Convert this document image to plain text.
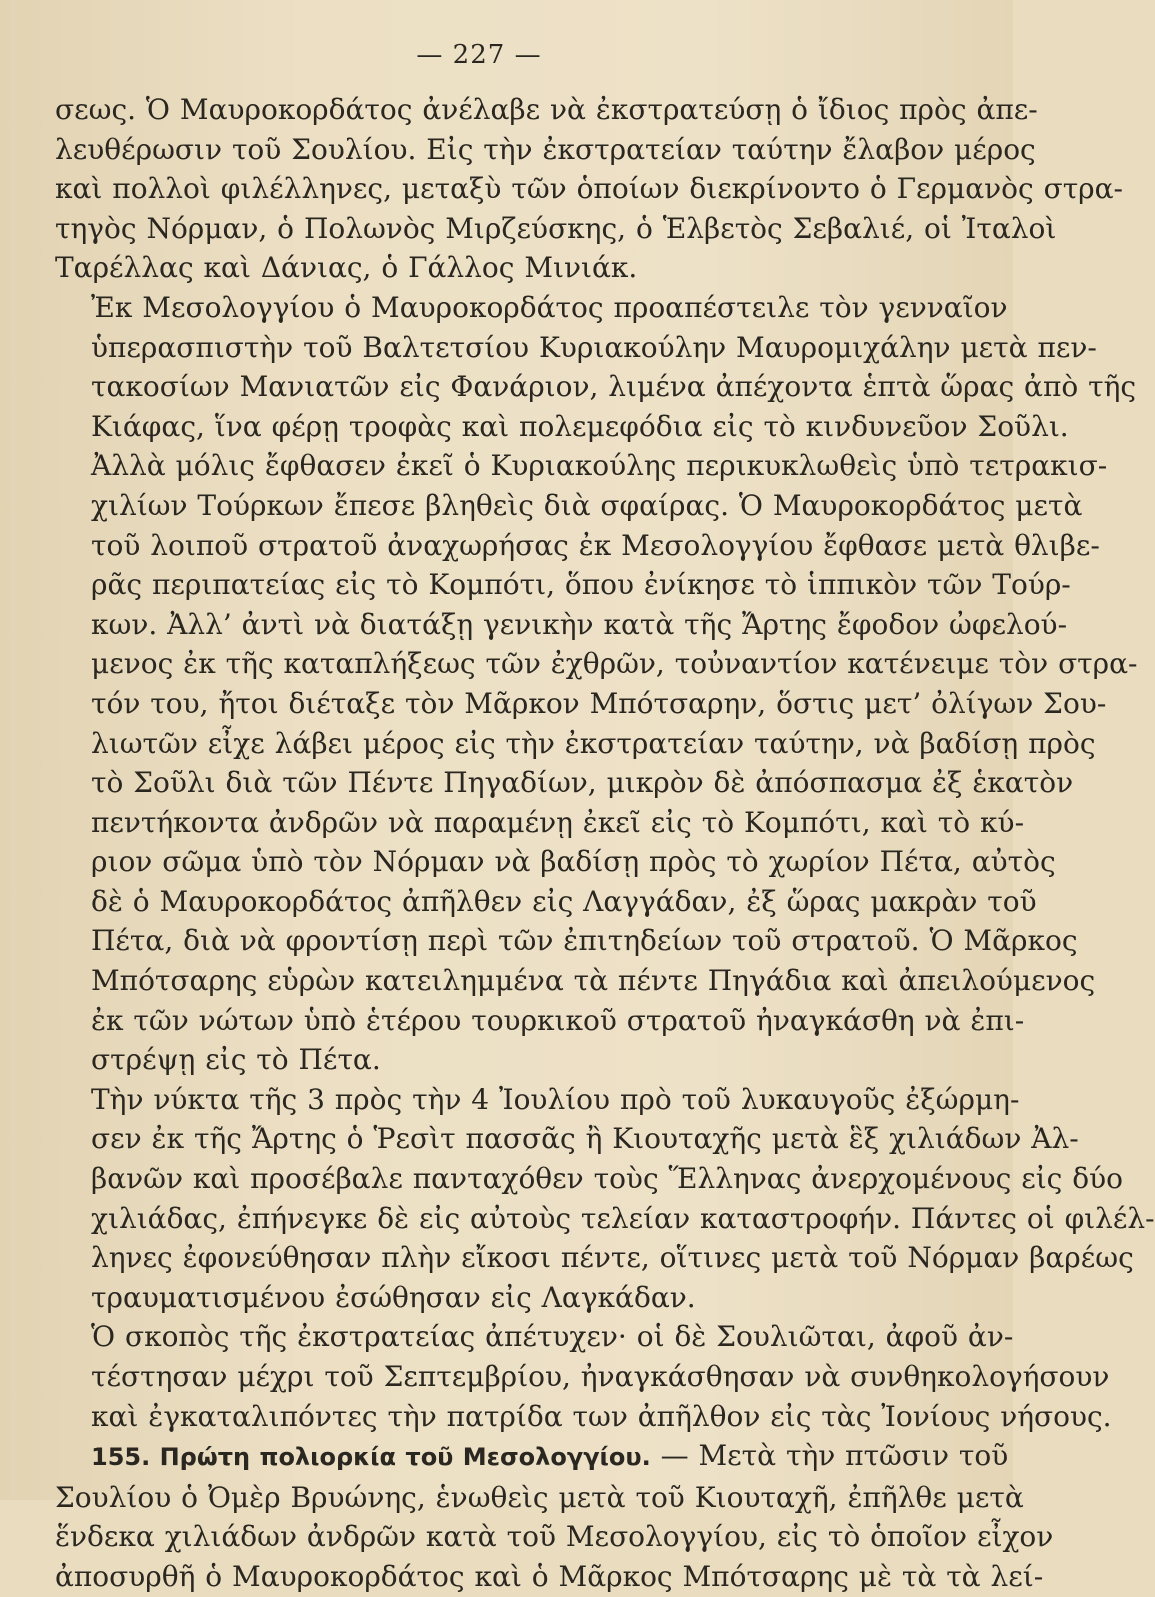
— 227 —

σεως. Ὁ Μαυροκορδάτος ἀνέλαβε νὰ ἐκστρατεύσῃ ὁ ἴδιος πρὸς ἀπε-
λευθέρωσιν τοῦ Σουλίου. Εἰς τὴν ἐκστρατείαν ταύτην ἔλαβον μέρος
καὶ πολλοὶ φιλέλληνες, μεταξὺ τῶν ὁποίων διεκρίνοντο ὁ Γερμανὸς στρα-
τηγὸς Νόρμαν, ὁ Πολωνὸς Μιρζεύσκης, ὁ Ἑλβετὸς Σεβαλιέ, οἱ Ἰταλοὶ
Ταρέλλας καὶ Δάνιας, ὁ Γάλλος Μινιάκ.

Ἐκ Μεσολογγίου ὁ Μαυροκορδάτος προαπέστειλε τὸν γενναῖον
ὑπερασπιστὴν τοῦ Βαλτετσίου Κυριακούλην Μαυρομιχάλην μετὰ πεν-
τακοσίων Μανιατῶν εἰς Φανάριον, λιμένα ἀπέχοντα ἑπτὰ ὥρας ἀπὸ τῆς
Κιάφας, ἵνα φέρῃ τροφὰς καὶ πολεμεφόδια εἰς τὸ κινδυνεῦον Σοῦλι.
Ἀλλὰ μόλις ἔφθασεν ἐκεῖ ὁ Κυριακούλης περικυκλωθεὶς ὑπὸ τετρακισ-
χιλίων Τούρκων ἔπεσε βληθεὶς διὰ σφαίρας. Ὁ Μαυροκορδάτος μετὰ
τοῦ λοιποῦ στρατοῦ ἀναχωρήσας ἐκ Μεσολογγίου ἔφθασε μετὰ θλιβε-
ρᾶς περιπατείας εἰς τὸ Κομπότι, ὅπου ἐνίκησε τὸ ἱππικὸν τῶν Τούρ-
κων. Ἀλλ’ ἀντὶ νὰ διατάξῃ γενικὴν κατὰ τῆς Ἄρτης ἔφοδον ὠφελού-
μενος ἐκ τῆς καταπλήξεως τῶν ἐχθρῶν, τοὐναντίον κατένειμε τὸν στρα-
τόν του, ἤτοι διέταξε τὸν Μᾶρκον Μπότσαρην, ὅστις μετ’ ὀλίγων Σου-
λιωτῶν εἶχε λάβει μέρος εἰς τὴν ἐκστρατείαν ταύτην, νὰ βαδίσῃ πρὸς
τὸ Σοῦλι διὰ τῶν Πέντε Πηγαδίων, μικρὸν δὲ ἀπόσπασμα ἐξ ἑκατὸν
πεντήκοντα ἀνδρῶν νὰ παραμένῃ ἐκεῖ εἰς τὸ Κομπότι, καὶ τὸ κύ-
ριον σῶμα ὑπὸ τὸν Νόρμαν νὰ βαδίσῃ πρὸς τὸ χωρίον Πέτα, αὐτὸς
δὲ ὁ Μαυροκορδάτος ἀπῆλθεν εἰς Λαγγάδαν, ἐξ ὥρας μακρὰν τοῦ
Πέτα, διὰ νὰ φροντίσῃ περὶ τῶν ἐπιτηδείων τοῦ στρατοῦ. Ὁ Μᾶρκος
Μπότσαρης εὑρὼν κατειλημμένα τὰ πέντε Πηγάδια καὶ ἀπειλούμενος
ἐκ τῶν νώτων ὑπὸ ἑτέρου τουρκικοῦ στρατοῦ ἠναγκάσθη νὰ ἐπι-
στρέψῃ εἰς τὸ Πέτα.

Τὴν νύκτα τῆς 3 πρὸς τὴν 4 Ἰουλίου πρὸ τοῦ λυκαυγοῦς ἐξώρμη-
σεν ἐκ τῆς Ἄρτης ὁ Ῥεσὶτ πασσᾶς ἢ Κιουταχῆς μετὰ ἓξ χιλιάδων Ἀλ-
βανῶν καὶ προσέβαλε πανταχόθεν τοὺς Ἕλληνας ἀνερχομένους εἰς δύο
χιλιάδας, ἐπήνεγκε δὲ εἰς αὐτοὺς τελείαν καταστροφήν. Πάντες οἱ φιλέλ-
ληνες ἐφονεύθησαν πλὴν εἴκοσι πέντε, οἵτινες μετὰ τοῦ Νόρμαν βαρέως
τραυματισμένου ἐσώθησαν εἰς Λαγκάδαν.

Ὁ σκοπὸς τῆς ἐκστρατείας ἀπέτυχεν· οἱ δὲ Σουλιῶται, ἀφοῦ ἀν-
τέστησαν μέχρι τοῦ Σεπτεμβρίου, ἠναγκάσθησαν νὰ συνθηκολογήσουν
καὶ ἐγκαταλιπόντες τὴν πατρίδα των ἀπῆλθον εἰς τὰς Ἰονίους νήσους.

155. Πρώτη πολιορκία τοῦ Μεσολογγίου. — Μετὰ τὴν πτῶσιν τοῦ
Σουλίου ὁ Ὀμὲρ Βρυώνης, ἑνωθεὶς μετὰ τοῦ Κιουταχῆ, ἐπῆλθε μετὰ
ἕνδεκα χιλιάδων ἀνδρῶν κατὰ τοῦ Μεσολογγίου, εἰς τὸ ὁποῖον εἶχον
ἀποσυρθῆ ὁ Μαυροκορδάτος καὶ ὁ Μᾶρκος Μπότσαρης μὲ τὰ τὰ λεί-
